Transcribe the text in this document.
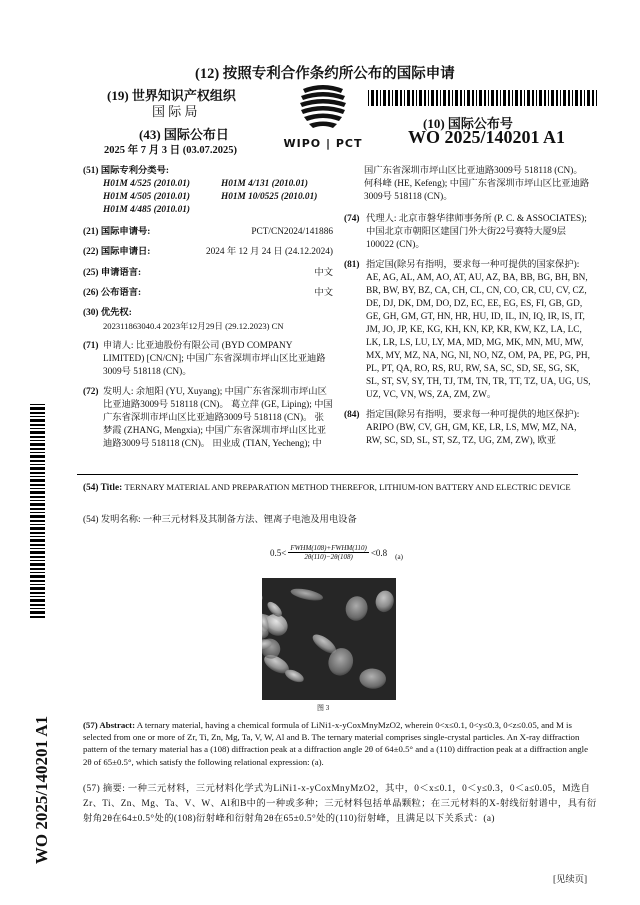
(12) 按照专利合作条约所公布的国际申请
(19) 世界知识产权组织
国 际 局
(43) 国际公布日
2025 年 7 月 3 日 (03.07.2025)
WIPO | PCT
(10) 国际公布号
WO 2025/140201 A1
(51) 国际专利分类号:
H01M 4/525 (2010.01)	H01M 4/131 (2010.01)
H01M 4/505 (2010.01)	H01M 10/0525 (2010.01)
H01M 4/485 (2010.01)
(21) 国际申请号:	PCT/CN2024/141886
(22) 国际申请日:	2024 年 12 月 24 日 (24.12.2024)
(25) 申请语言:	中文
(26) 公布语言:	中文
(30) 优先权:
202311863040.4 2023年12月29日 (29.12.2023) CN
(71) 申请人: 比亚迪股份有限公司 (BYD COMPANY LIMITED) [CN/CN]; 中国广东省深圳市坪山区比亚迪路3009号 518118 (CN)。
(72) 发明人: 余旭阳 (YU, Xuyang); 中国广东省深圳市坪山区比亚迪路3009号 518118 (CN)。 葛立萍 (GE, Liping); 中国广东省深圳市坪山区比亚迪路3009号 518118 (CN)。 张梦霞 (ZHANG, Mengxia); 中国广东省深圳市坪山区比亚迪路3009号 518118 (CN)。 田业成 (TIAN, Yecheng); 中
国广东省深圳市坪山区比亚迪路3009号 518118 (CN)。 何科峰 (HE, Kefeng); 中国广东省深圳市坪山区比亚迪路3009号 518118 (CN)。
(74) 代理人: 北京市磐华律师事务所 (P. C. & ASSOCIATES); 中国北京市朝阳区建国门外大街22号赛特大厦9层 100022 (CN)。
(81) 指定国(除另有指明，要求每一种可提供的国家保护): AE, AG, AL, AM, AO, AT, AU, AZ, BA, BB, BG, BH, BN, BR, BW, BY, BZ, CA, CH, CL, CN, CO, CR, CU, CV, CZ, DE, DJ, DK, DM, DO, DZ, EC, EE, EG, ES, FI, GB, GD, GE, GH, GM, GT, HN, HR, HU, ID, IL, IN, IQ, IR, IS, IT, JM, JO, JP, KE, KG, KH, KN, KP, KR, KW, KZ, LA, LC, LK, LR, LS, LU, LY, MA, MD, MG, MK, MN, MU, MW, MX, MY, MZ, NA, NG, NI, NO, NZ, OM, PA, PE, PG, PH, PL, PT, QA, RO, RS, RU, RW, SA, SC, SD, SE, SG, SK, SL, ST, SV, SY, TH, TJ, TM, TN, TR, TT, TZ, UA, UG, US, UZ, VC, VN, WS, ZA, ZM, ZW。
(84) 指定国(除另有指明，要求每一种可提供的地区保护): ARIPO (BW, CV, GH, GM, KE, LR, LS, MW, MZ, NA, RW, SC, SD, SL, ST, SZ, TZ, UG, ZM, ZW), 欧亚
(54) Title: TERNARY MATERIAL AND PREPARATION METHOD THEREFOR, LITHIUM-ION BATTERY AND ELECTRIC DEVICE
(54) 发明名称: 一种三元材料及其制备方法、锂离子电池及用电设备
0.5< FWHM(108)+FWHM(110)
2θ(110)−2θ(108) <0.8 (a)
图 3
(57) Abstract: A ternary material, having a chemical formula of LiNi1-x-yCoxMnyMzO2, wherein 0<x≤0.1, 0<y≤0.3, 0<z≤0.05, and M is selected from one or more of Zr, Ti, Zn, Mg, Ta, V, W, Al and B. The ternary material comprises single-crystal particles. An X-ray diffraction pattern of the ternary material has a (108) diffraction peak at a diffraction angle 2θ of 64±0.5° and a (110) diffraction peak at a diffraction angle 2θ of 65±0.5°, which satisfy the following relational expression: (a).
(57) 摘要: 一种三元材料，三元材料化学式为LiNi1-x-yCoxMnyMzO2，其中，0＜x≤0.1，0＜y≤0.3，0＜a≤0.05，M选自Zr、Ti、Zn、Mg、Ta、V、W、Al和B中的一种或多种；三元材料包括单晶颗粒；在三元材料的X-射线衍射谱中，具有衍射角2θ在64±0.5°处的(108)衍射峰和衍射角2θ在65±0.5°处的(110)衍射峰，且满足以下关系式：(a)
WO 2025/140201 A1
[见续页]
